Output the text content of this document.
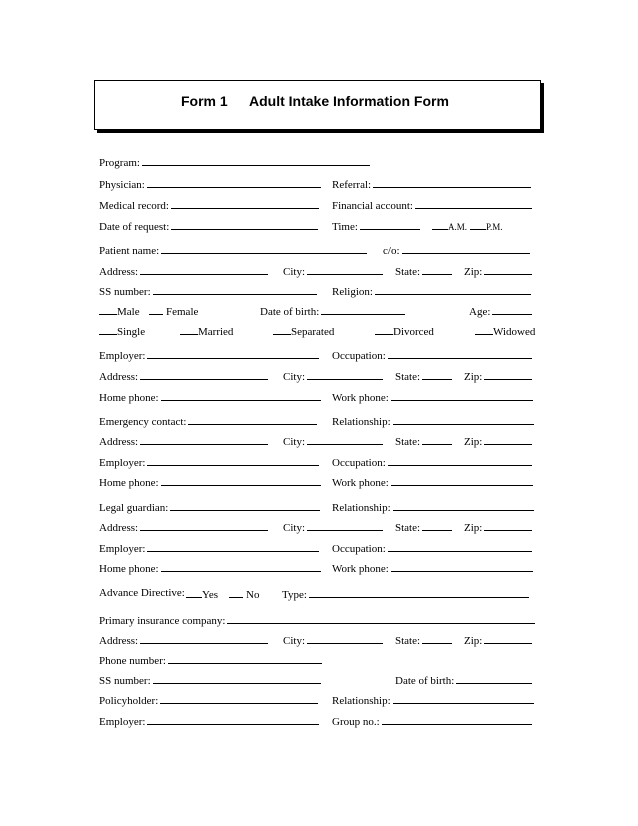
Form 1 Adult Intake Information Form
Program:
Physician:	Referral:
Medical record:	Financial account:
Date of request:	Time:	A.M. P.M.
Patient name:	c/o:
Address:	City:	State:	Zip:
SS number:	Religion:
Male Female	Date of birth:	Age:
Single	Married	Separated	Divorced	Widowed
Employer:	Occupation:
Address:	City:	State:	Zip:
Home phone:	Work phone:
Emergency contact:	Relationship:
Address:	City:	State:	Zip:
Employer:	Occupation:
Home phone:	Work phone:
Legal guardian:	Relationship:
Address:	City:	State:	Zip:
Employer:	Occupation:
Home phone:	Work phone:
Advance Directive: Yes	No Type:
Primary insurance company:
Address:	City:	State:	Zip:
Phone number:
SS number:	Date of birth:
Policyholder:	Relationship:
Employer:	Group no.:
